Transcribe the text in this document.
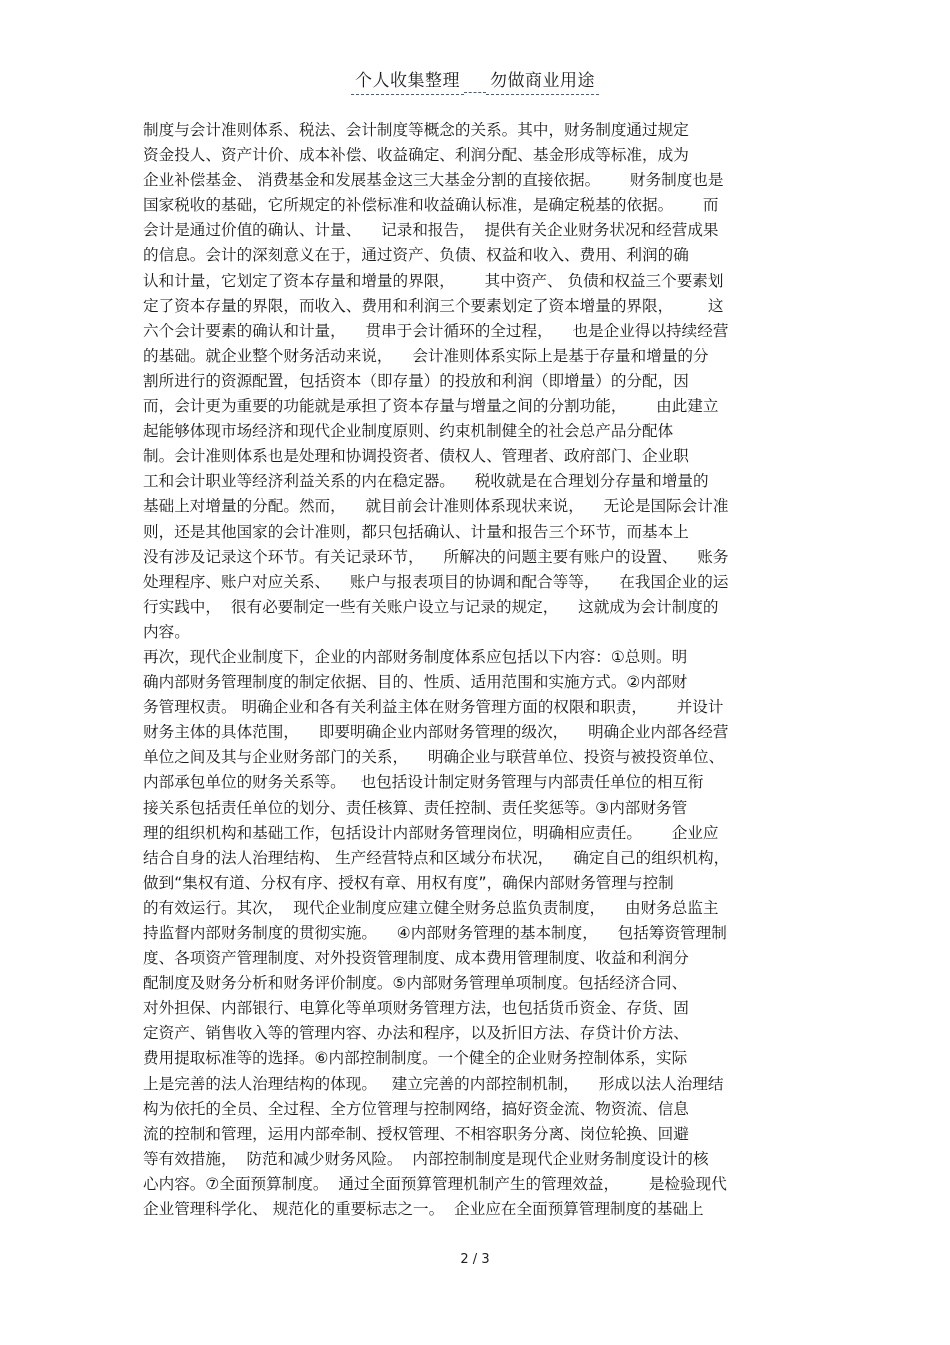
个人收集整理 勿做商业用途
制度与会计准则体系、税法、会计制度等概念的关系。其中，财务制度通过规定
资金投人、资产计价、成本补偿、收益确定、利润分配、基金形成等标准，成为
企业补偿基金、 消费基金和发展基金这三大基金分割的直接依据。      财务制度也是
国家税收的基础，它所规定的补偿标准和收益确认标准，是确定税基的依据。      而
会计是通过价值的确认、计量、    记录和报告，  提供有关企业财务状况和经营成果
的信息。会计的深刻意义在于，通过资产、负债、权益和收入、费用、利润的确
认和计量，它划定了资本存量和增量的界限，      其中资产、 负债和权益三个要素划
定了资本存量的界限，而收入、费用和利润三个要素划定了资本增量的界限，       这
六个会计要素的确认和计量，    贯串于会计循环的全过程，    也是企业得以持续经营
的基础。就企业整个财务活动来说，    会计准则体系实际上是基于存量和增量的分
割所进行的资源配置，包括资本（即存量）的投放和利润（即增量）的分配，因
而，会计更为重要的功能就是承担了资本存量与增量之间的分割功能，      由此建立
起能够体现市场经济和现代企业制度原则、约束机制健全的社会总产品分配体
制。会计准则体系也是处理和协调投资者、债权人、管理者、政府部门、企业职
工和会计职业等经济利益关系的内在稳定器。    税收就是在合理划分存量和增量的
基础上对增量的分配。然而，    就目前会计准则体系现状来说，    无论是国际会计准
则，还是其他国家的会计准则，都只包括确认、计量和报告三个环节，而基本上
没有涉及记录这个环节。有关记录环节，    所解决的问题主要有账户的设置、    账务
处理程序、账户对应关系、    账户与报表项目的协调和配合等等，    在我国企业的运
行实践中，  很有必要制定一些有关账户设立与记录的规定，    这就成为会计制度的
内容。
再次，现代企业制度下，企业的内部财务制度体系应包括以下内容：①总则。明
确内部财务管理制度的制定依据、目的、性质、适用范围和实施方式。②内部财
务管理权责。 明确企业和各有关利益主体在财务管理方面的权限和职责，      并设计
财务主体的具体范围，    即要明确企业内部财务管理的级次，    明确企业内部各经营
单位之间及其与企业财务部门的关系，    明确企业与联营单位、投资与被投资单位、
内部承包单位的财务关系等。   也包括设计制定财务管理与内部责任单位的相互衔
接关系包括责任单位的划分、责任核算、责任控制、责任奖惩等。③内部财务管
理的组织机构和基础工作，包括设计内部财务管理岗位，明确相应责任。      企业应
结合自身的法人治理结构、 生产经营特点和区域分布状况，    确定自己的组织机构，
做到“集权有道、分权有序、授权有章、用权有度”，确保内部财务管理与控制
的有效运行。其次，  现代企业制度应建立健全财务总监负责制度，    由财务总监主
持监督内部财务制度的贯彻实施。    ④内部财务管理的基本制度，    包括筹资管理制
度、各项资产管理制度、对外投资管理制度、成本费用管理制度、收益和利润分
配制度及财务分析和财务评价制度。⑤内部财务管理单项制度。包括经济合同、
对外担保、内部银行、电算化等单项财务管理方法，也包括货币资金、存货、固
定资产、销售收入等的管理内容、办法和程序，以及折旧方法、存贷计价方法、
费用提取标准等的选择。⑥内部控制制度。一个健全的企业财务控制体系，实际
上是完善的法人治理结构的体现。   建立完善的内部控制机制，    形成以法人治理结
构为依托的全员、全过程、全方位管理与控制网络，搞好资金流、物资流、信息
流的控制和管理，运用内部牵制、授权管理、不相容职务分离、岗位轮换、回避
等有效措施，  防范和减少财务风险。  内部控制制度是现代企业财务制度设计的核
心内容。⑦全面预算制度。  通过全面预算管理机制产生的管理效益，      是检验现代
企业管理科学化、 规范化的重要标志之一。  企业应在全面预算管理制度的基础上
2 / 3
